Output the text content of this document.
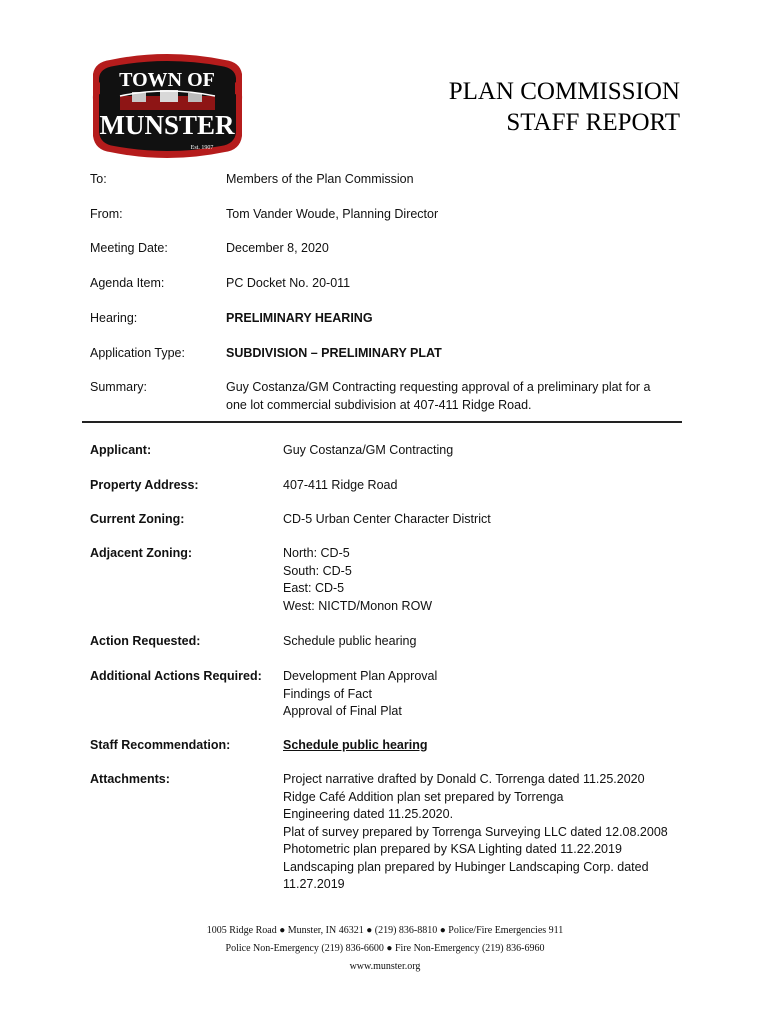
TOWN OF
MUNSTER
Est. 1907
PLAN COMMISSION
STAFF REPORT
To:	Members of the Plan Commission
From:	Tom Vander Woude, Planning Director
Meeting Date:	December 8, 2020
Agenda Item:	PC Docket No. 20-011
Hearing:	PRELIMINARY HEARING
Application Type:	SUBDIVISION – PRELIMINARY PLAT
Summary:	Guy Costanza/GM Contracting requesting approval of a preliminary plat for a
one lot commercial subdivision at 407-411 Ridge Road.
Applicant:	Guy Costanza/GM Contracting
Property Address:	407-411 Ridge Road
Current Zoning:	CD-5 Urban Center Character District
Adjacent Zoning:	North: CD-5
South: CD-5
East: CD-5
West: NICTD/Monon ROW
Action Requested:	Schedule public hearing
Additional Actions Required: Development Plan Approval
Findings of Fact
Approval of Final Plat
Staff Recommendation:	Schedule public hearing
Attachments:	Project narrative drafted by Donald C. Torrenga dated 11.25.2020
Ridge Café Addition plan set prepared by Torrenga
Engineering dated 11.25.2020.
Plat of survey prepared by Torrenga Surveying LLC dated 12.08.2008
Photometric plan prepared by KSA Lighting dated 11.22.2019
Landscaping plan prepared by Hubinger Landscaping Corp. dated
11.27.2019
1005 Ridge Road ● Munster, IN 46321 ● (219) 836-8810 ● Police/Fire Emergencies 911
Police Non-Emergency (219) 836-6600 ● Fire Non-Emergency (219) 836-6960
www.munster.org
